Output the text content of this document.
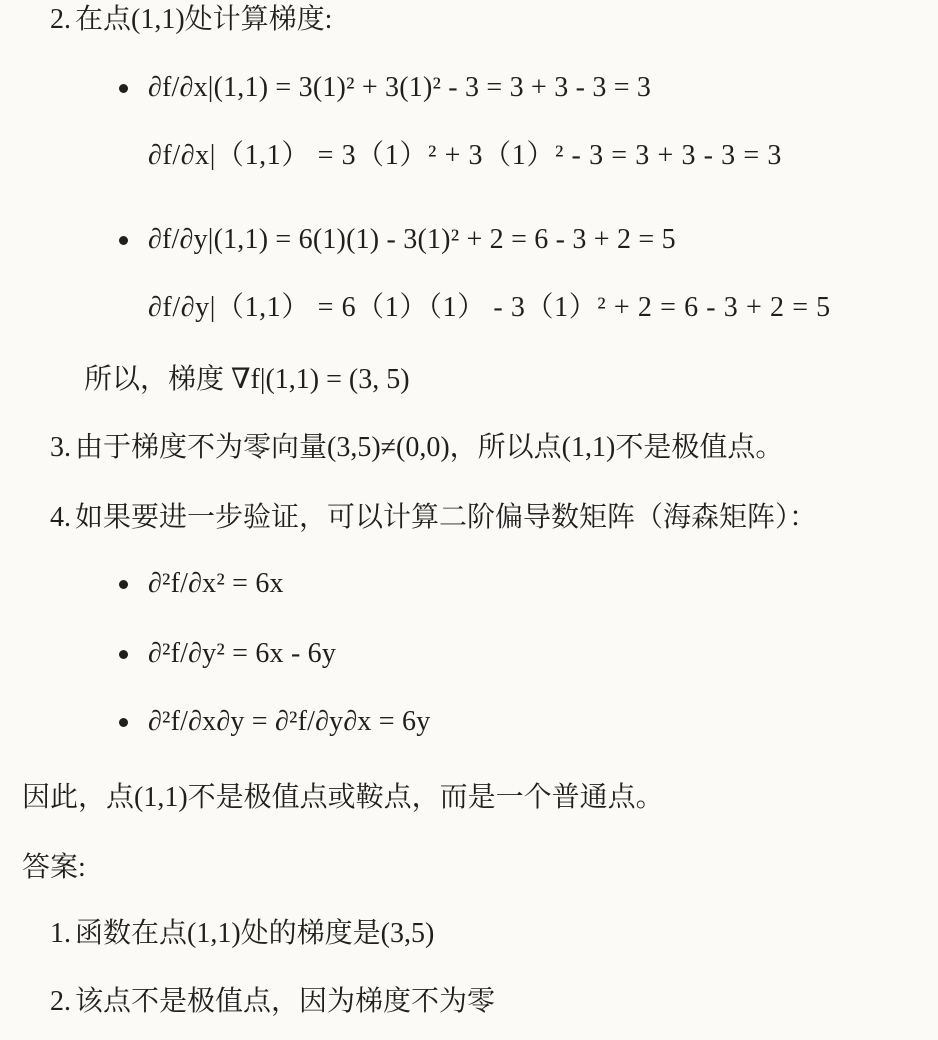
2. 在点(1,1)处计算梯度:
∂f/∂x|(1,1) = 3(1)² + 3(1)² - 3 = 3 + 3 - 3 = 3
∂f/∂x|（1,1） = 3（1）² + 3（1）² - 3 = 3 + 3 - 3 = 3
∂f/∂y|(1,1) = 6(1)(1) - 3(1)² + 2 = 6 - 3 + 2 = 5
∂f/∂y|（1,1） = 6（1）（1） - 3（1）² + 2 = 6 - 3 + 2 = 5
所以，梯度 ∇f|(1,1) = (3, 5)
3. 由于梯度不为零向量(3,5)≠(0,0)，所以点(1,1)不是极值点。
4. 如果要进一步验证，可以计算二阶偏导数矩阵（海森矩阵）：
∂²f/∂x² = 6x
∂²f/∂y² = 6x - 6y
∂²f/∂x∂y = ∂²f/∂y∂x = 6y
因此，点(1,1)不是极值点或鞍点，而是一个普通点。
答案:
1. 函数在点(1,1)处的梯度是(3,5)
2. 该点不是极值点，因为梯度不为零
